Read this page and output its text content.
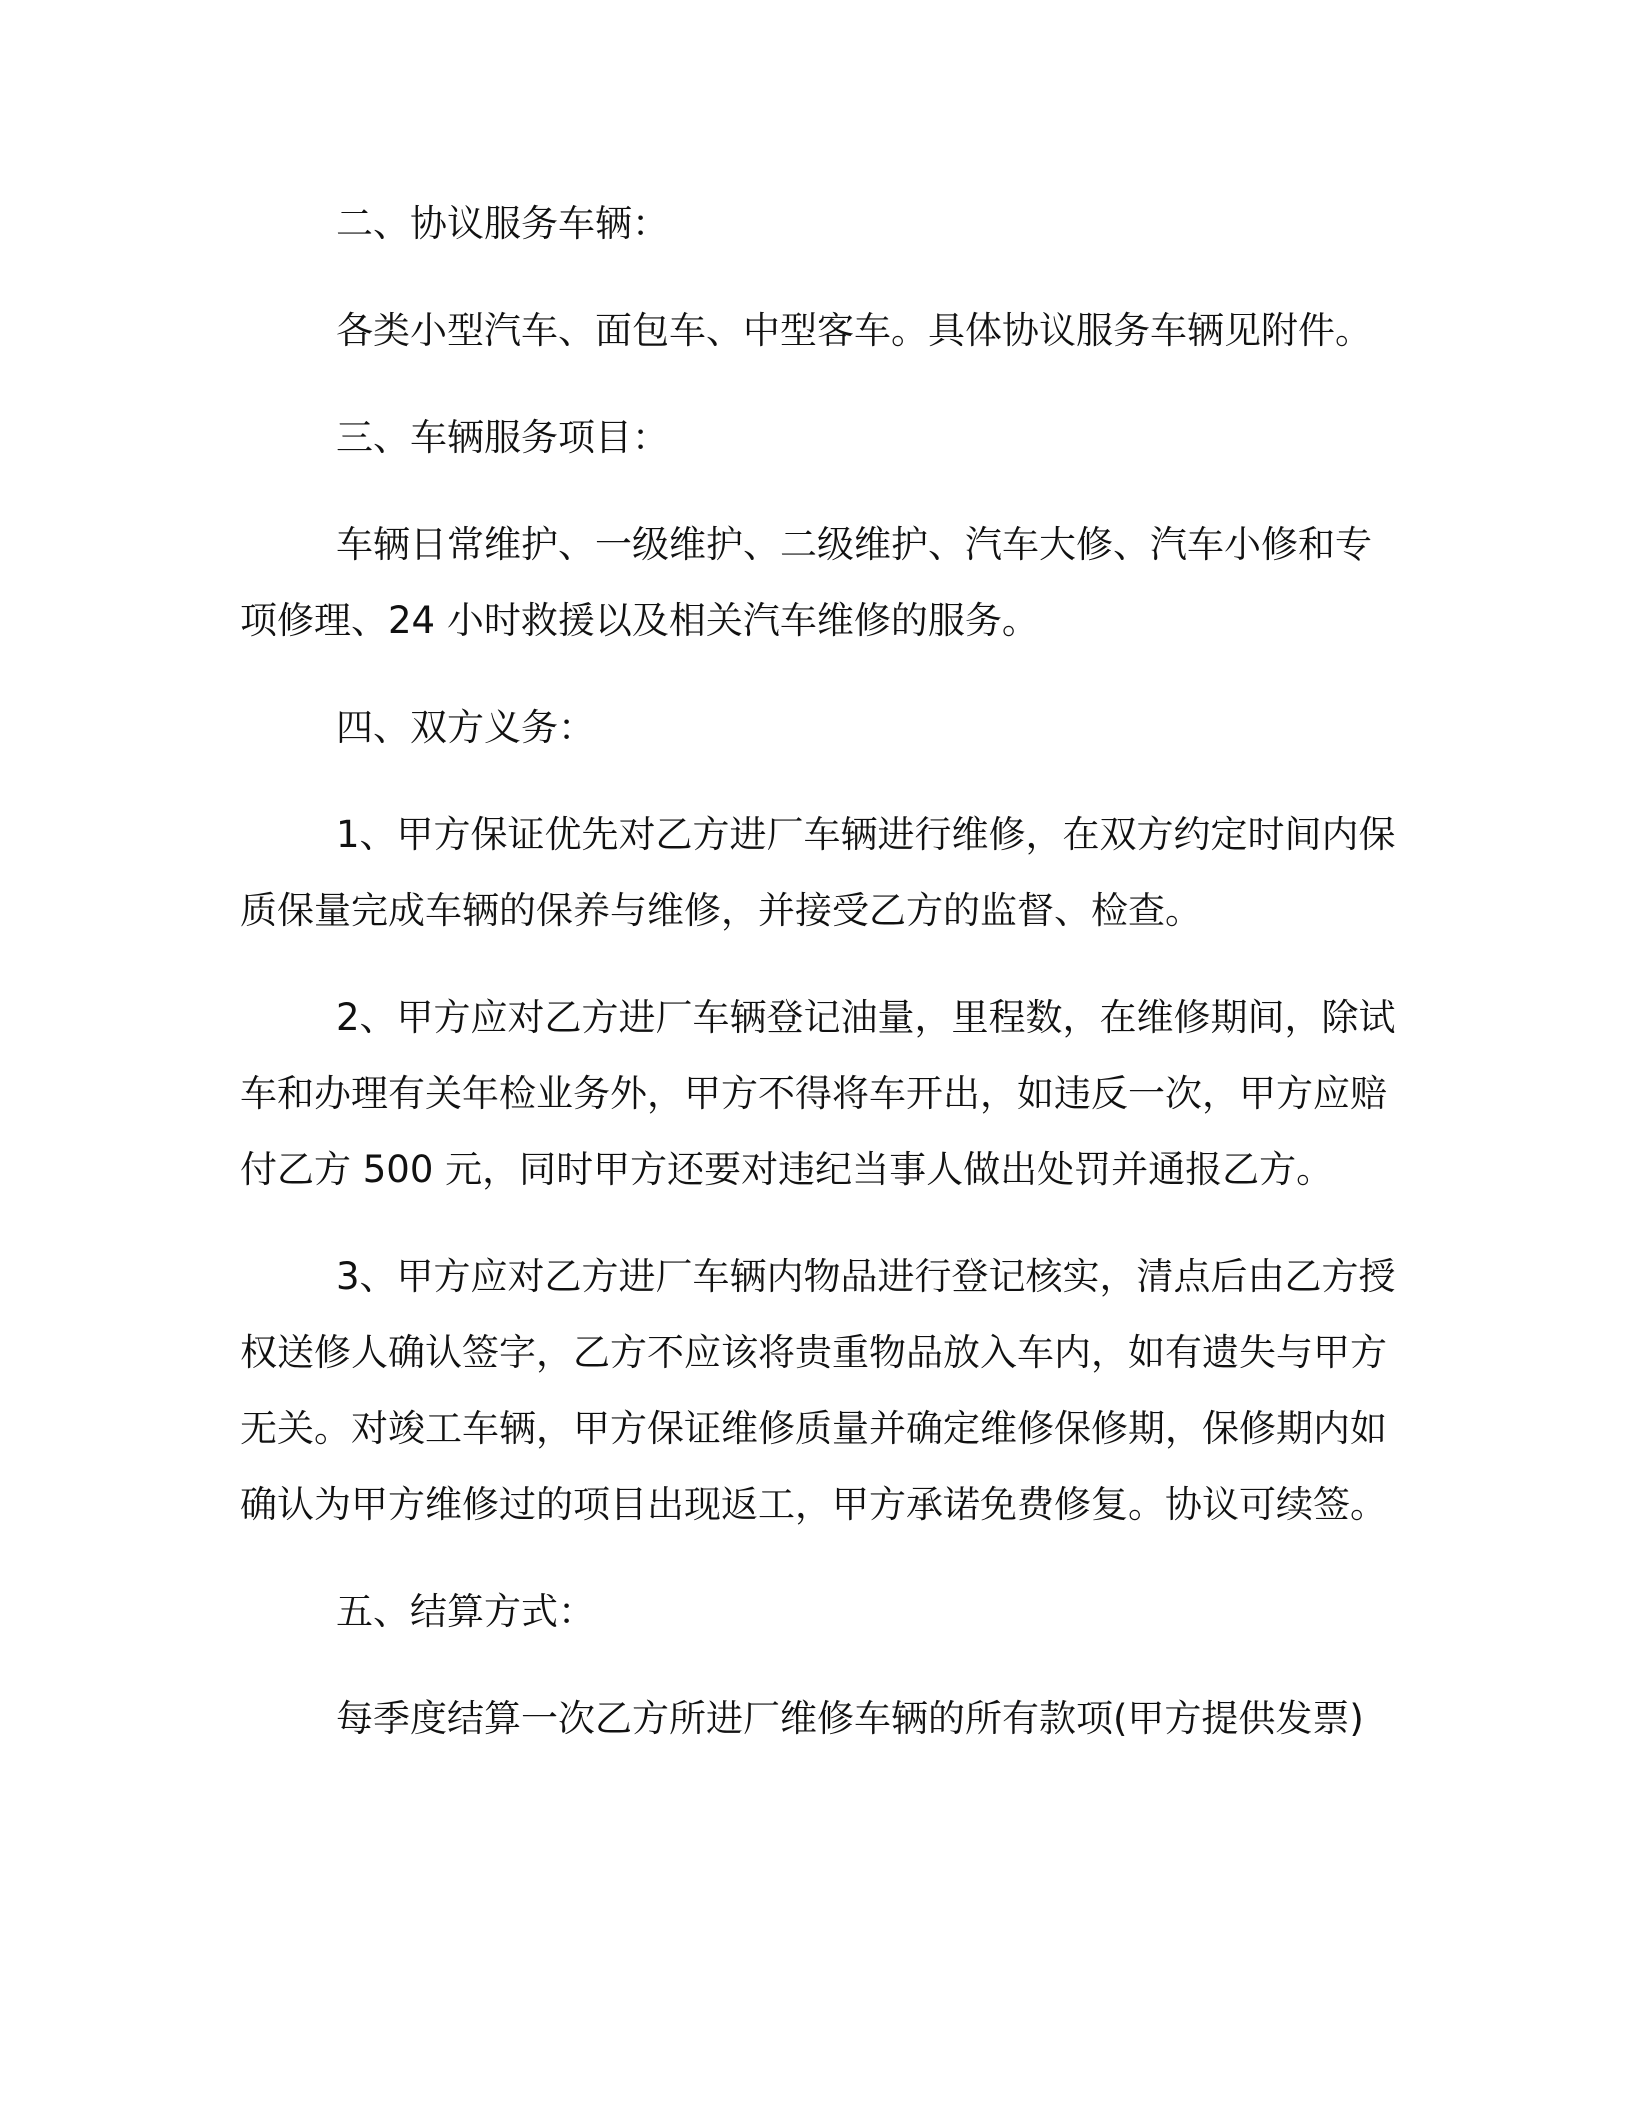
二、协议服务车辆：

各类小型汽车、面包车、中型客车。具体协议服务车辆见附件。

三、车辆服务项目：

车辆日常维护、一级维护、二级维护、汽车大修、汽车小修和专项修理、24 小时救援以及相关汽车维修的服务。

四、双方义务：

1、甲方保证优先对乙方进厂车辆进行维修，在双方约定时间内保质保量完成车辆的保养与维修，并接受乙方的监督、检查。

2、甲方应对乙方进厂车辆登记油量，里程数，在维修期间，除试车和办理有关年检业务外，甲方不得将车开出，如违反一次，甲方应赔付乙方 500 元，同时甲方还要对违纪当事人做出处罚并通报乙方。

3、甲方应对乙方进厂车辆内物品进行登记核实，清点后由乙方授权送修人确认签字，乙方不应该将贵重物品放入车内，如有遗失与甲方无关。对竣工车辆，甲方保证维修质量并确定维修保修期，保修期内如确认为甲方维修过的项目出现返工，甲方承诺免费修复。协议可续签。

五、结算方式：

每季度结算一次乙方所进厂维修车辆的所有款项(甲方提供发票)
